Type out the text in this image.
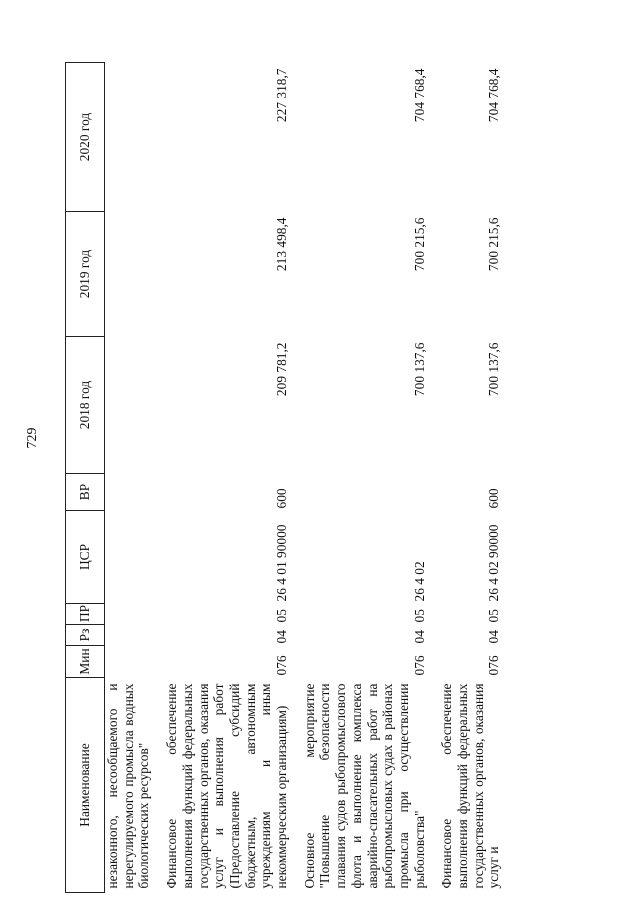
729
Наименование	Мин	Рз	ПР	ЦСР	ВР	2018 год	2019 год	2020 год

незаконного, несообщаемого и нерегулируемого промысла водных биологических ресурсов"								

Финансовое обеспечение выполнения функций федеральных государственных органов, оказания услуг и выполнения работ (Предоставление субсидий бюджетным, автономным учреждениям и иным некоммерческим организациям)	076	04	05	26 4 01 90000	600	209 781,2	213 498,4	227 318,7

Основное мероприятие "Повышение безопасности плавания судов рыбопромыслового флота и выполнение комплекса аварийно-спасательных работ на рыбопромысловых судах в районах промысла при осуществлении рыболовства"	076	04	05	26 4 02		700 137,6	700 215,6	704 768,4

Финансовое обеспечение выполнения функций федеральных государственных органов, оказания услуг и	076	04	05	26 4 02 90000	600	700 137,6	700 215,6	704 768,4
